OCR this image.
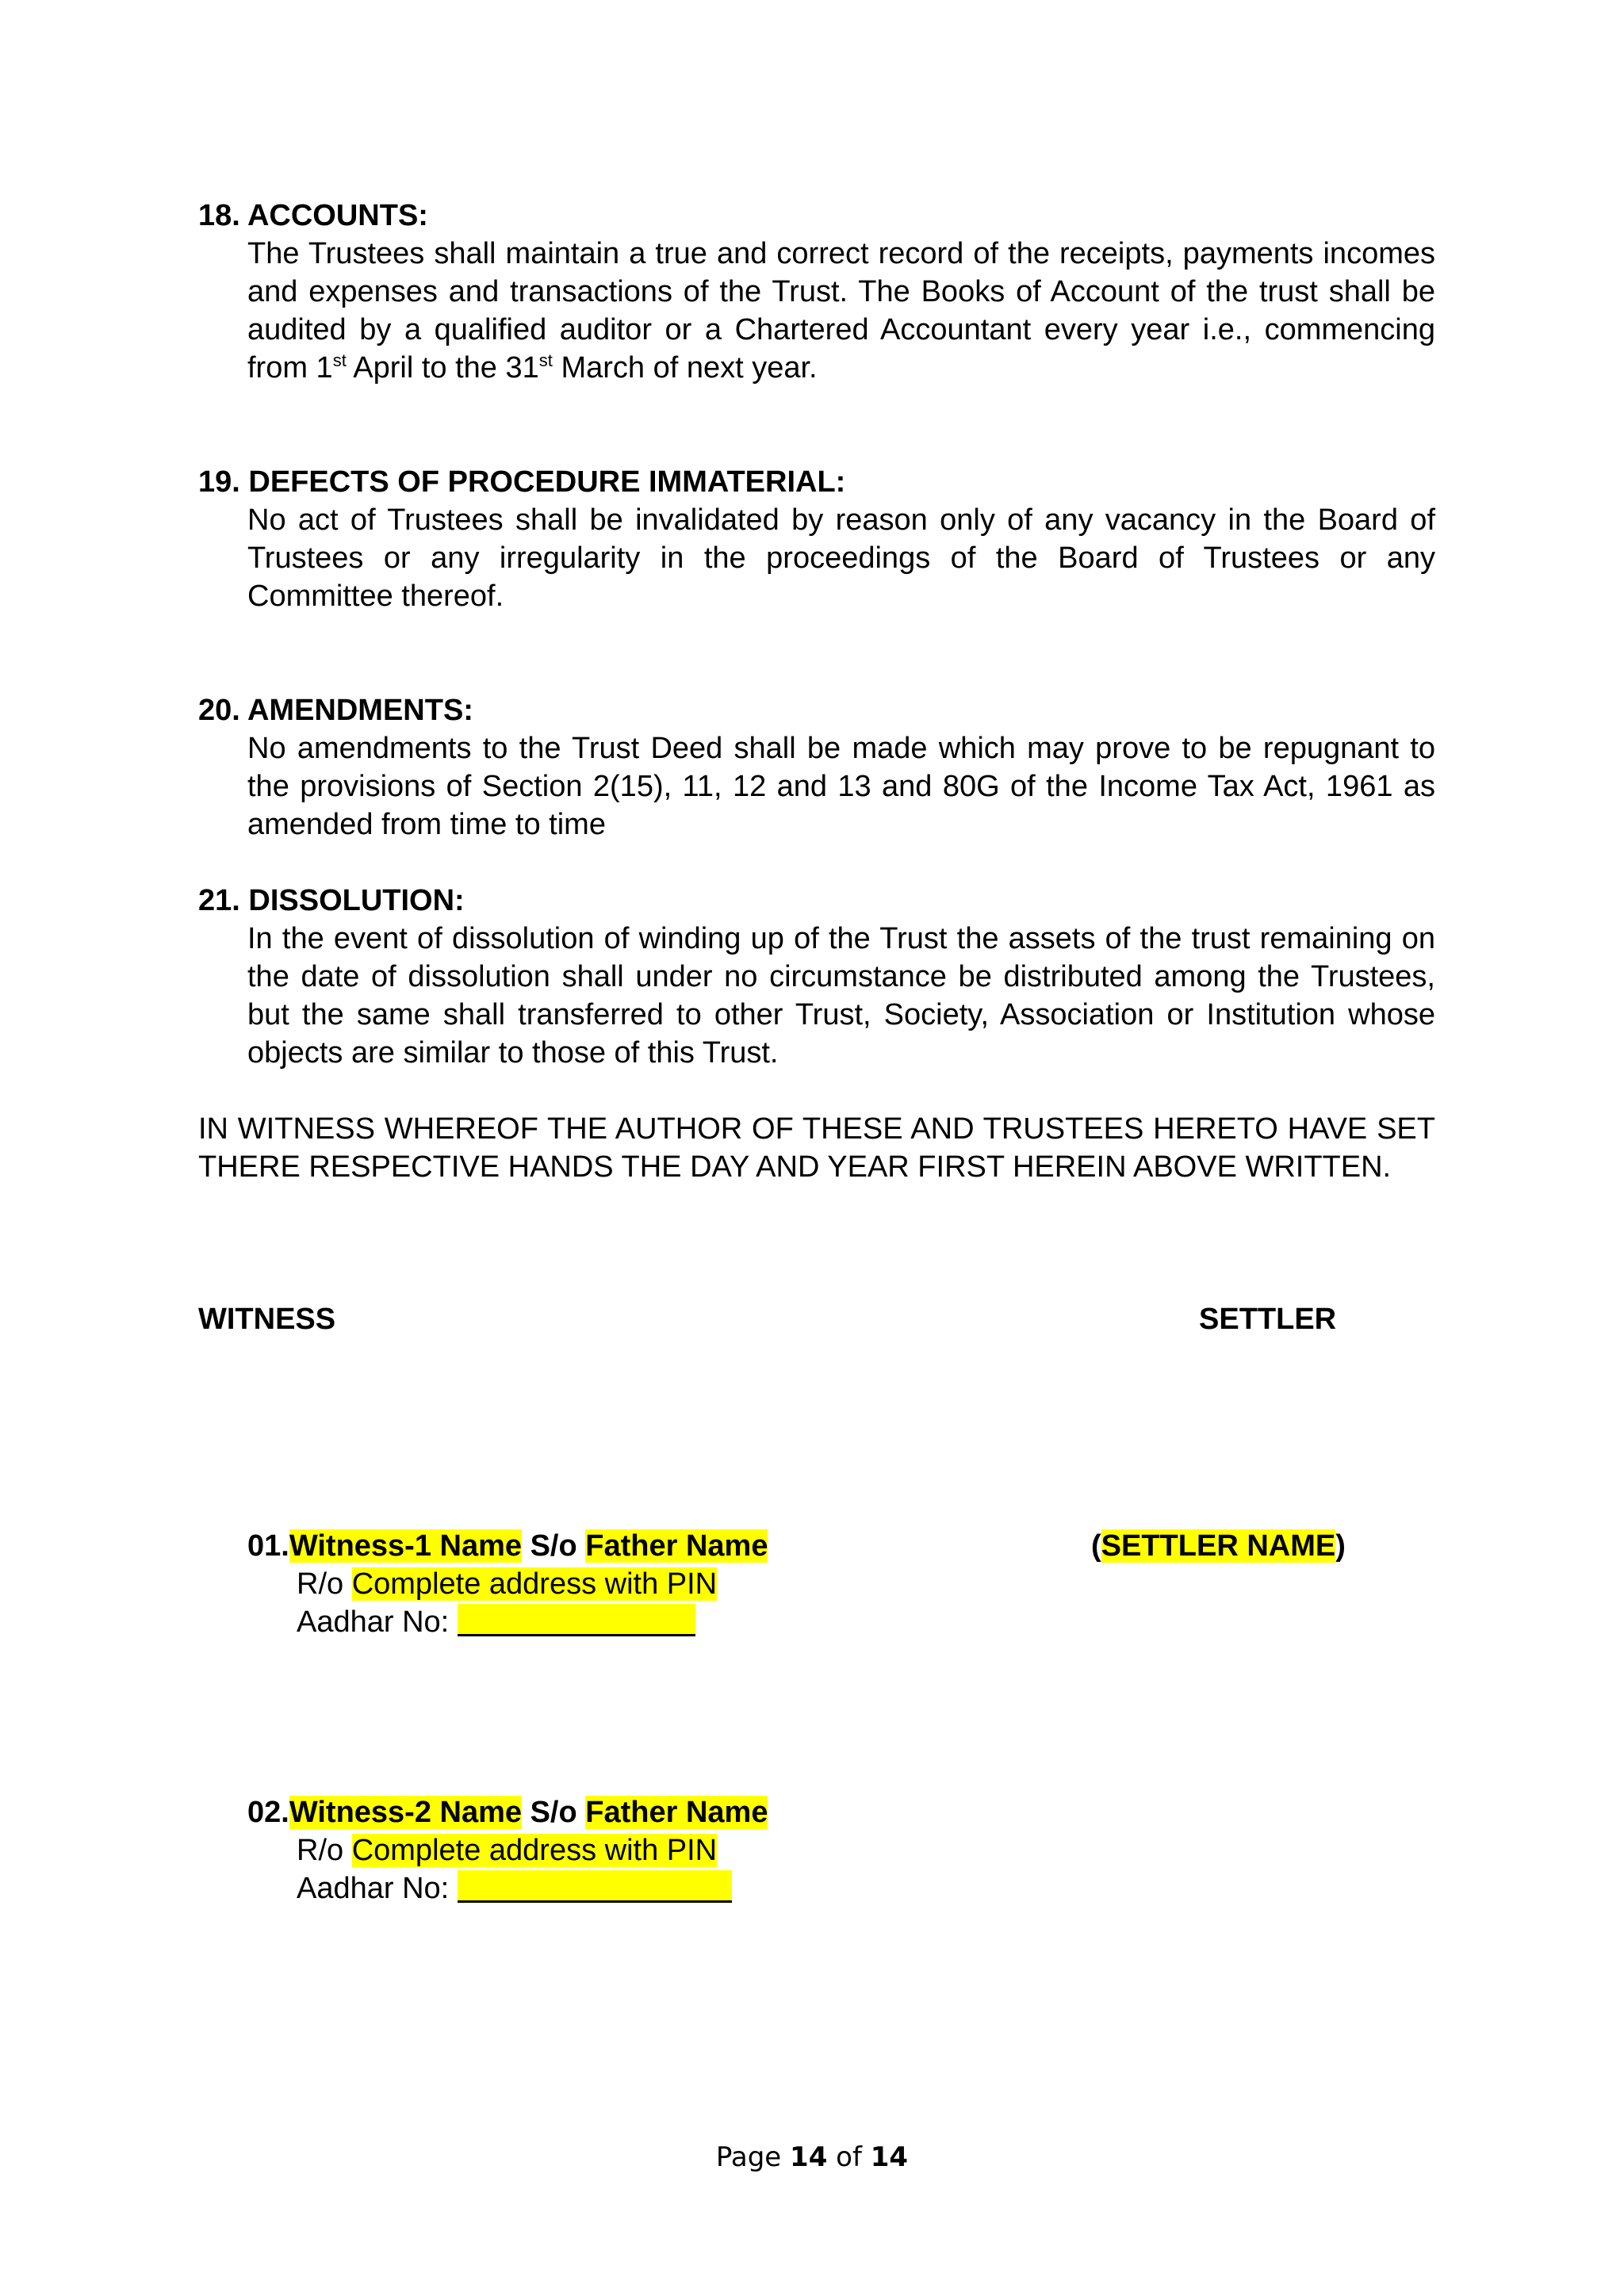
18. ACCOUNTS:

The Trustees shall maintain a true and correct record of the receipts, payments incomes and expenses and transactions of the Trust. The Books of Account of the trust shall be audited by a qualified auditor or a Chartered Accountant every year i.e., commencing from 1st April to the 31st March of next year.

19. DEFECTS OF PROCEDURE IMMATERIAL:

No act of Trustees shall be invalidated by reason only of any vacancy in the Board of Trustees or any irregularity in the proceedings of the Board of Trustees or any Committee thereof.

20. AMENDMENTS:

No amendments to the Trust Deed shall be made which may prove to be repugnant to the provisions of Section 2(15), 11, 12 and 13 and 80G of the Income Tax Act, 1961 as amended from time to time

21. DISSOLUTION:

In the event of dissolution of winding up of the Trust the assets of the trust remaining on the date of dissolution shall under no circumstance be distributed among the Trustees, but the same shall transferred to other Trust, Society, Association or Institution whose objects are similar to those of this Trust.

IN WITNESS WHEREOF THE AUTHOR OF THESE AND TRUSTEES HERETO HAVE SET THERE RESPECTIVE HANDS THE DAY AND YEAR FIRST HEREIN ABOVE WRITTEN.

WITNESS	SETTLER
01.Witness-1 Name S/o Father Name
R/o Complete address with PIN
Aadhar No:
(SETTLER NAME)
02.Witness-2 Name S/o Father Name
R/o Complete address with PIN
Aadhar No:
Page 14 of 14
